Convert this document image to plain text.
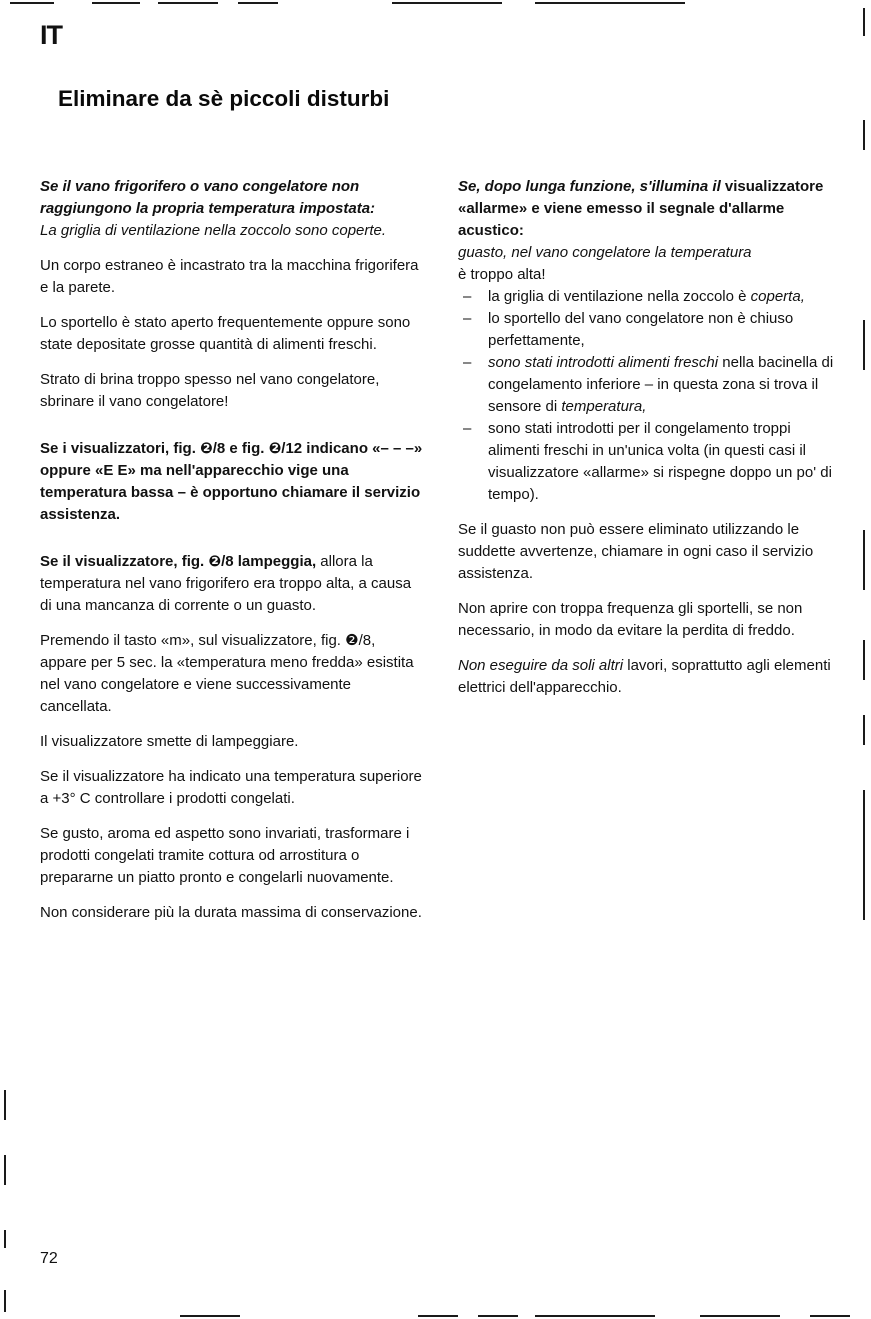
IT
Eliminare da sè piccoli disturbi

Se il vano frigorifero o vano congelatore non raggiungono la propria temperatura impostata:

La griglia di ventilazione nella zoccolo sono coperte.

Un corpo estraneo è incastrato tra la macchina frigorifera e la parete.

Lo sportello è stato aperto frequentemente oppure sono state depositate grosse quantità di alimenti freschi.

Strato di brina troppo spesso nel vano congelatore, sbrinare il vano congelatore!

Se i visualizzatori, fig. ❷/8 e fig. ❷/12 indicano «– – –» oppure «E E» ma nell'apparecchio vige una temperatura bassa – è opportuno chiamare il servizio assistenza.

Se il visualizzatore, fig. ❷/8 lampeggia, allora la temperatura nel vano frigorifero era troppo alta, a causa di una mancanza di corrente o un guasto.

Premendo il tasto «m», sul visualizzatore, fig. ❷/8, appare per 5 sec. la «temperatura meno fredda» esistita nel vano congelatore e viene successivamente cancellata.

Il visualizzatore smette di lampeggiare.

Se il visualizzatore ha indicato una temperatura superiore a +3° C controllare i prodotti congelati.

Se gusto, aroma ed aspetto sono invariati, trasformare i prodotti congelati tramite cottura od arrostitura o prepararne un piatto pronto e congelarli nuovamente.

Non considerare più la durata massima di conservazione.

Se, dopo lunga funzione, s'illumina il visualizzatore «allarme» e viene emesso il segnale d'allarme acustico:

guasto, nel vano congelatore la temperatura
è troppo alta!

– la griglia di ventilazione nella zoccolo è coperta,
– lo sportello del vano congelatore non è chiuso perfettamente,
– sono stati introdotti alimenti freschi nella bacinella di congelamento inferiore – in questa zona si trova il sensore di temperatura,
– sono stati introdotti per il congelamento troppi alimenti freschi in un'unica volta (in questi casi il visualizzatore «allarme» si rispegne doppo un po' di tempo).

Se il guasto non può essere eliminato utilizzando le suddette avvertenze, chiamare in ogni caso il servizio assistenza.

Non aprire con troppa frequenza gli sportelli, se non necessario, in modo da evitare la perdita di freddo.

Non eseguire da soli altri lavori, soprattutto agli elementi elettrici dell'apparecchio.

72
